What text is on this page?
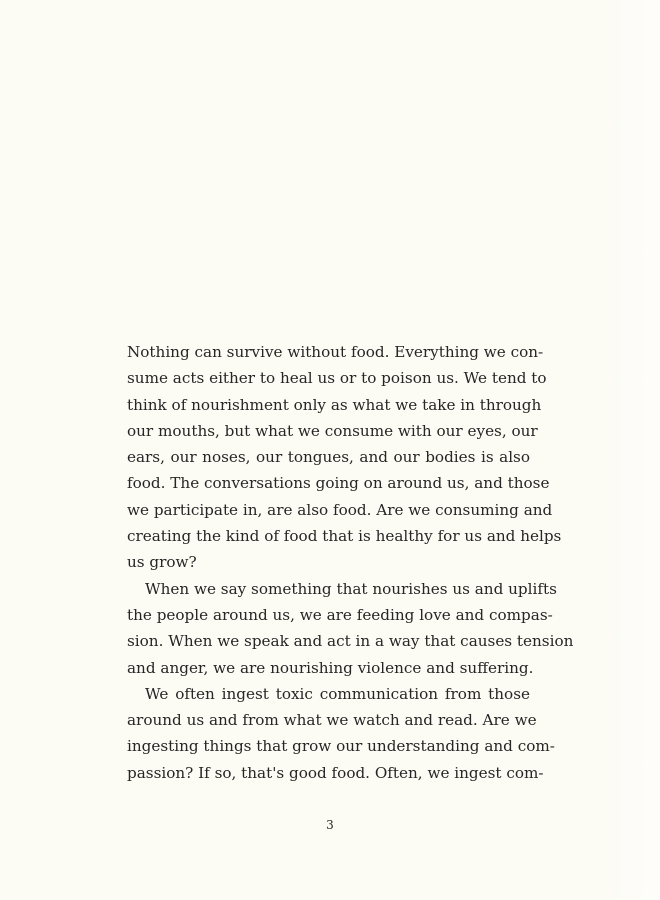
Nothing can survive without food. Everything we con-
sume acts either to heal us or to poison us. We tend to
think of nourishment only as what we take in through
our mouths, but what we consume with our eyes, our
ears, our noses, our tongues, and our bodies is also
food. The conversations going on around us, and those
we participate in, are also food. Are we consuming and
creating the kind of food that is healthy for us and helps
us grow?

When we say something that nourishes us and uplifts
the people around us, we are feeding love and compas-
sion. When we speak and act in a way that causes tension
and anger, we are nourishing violence and suffering.

We often ingest toxic communication from those
around us and from what we watch and read. Are we
ingesting things that grow our understanding and com-
passion? If so, that's good food. Often, we ingest com-

3
